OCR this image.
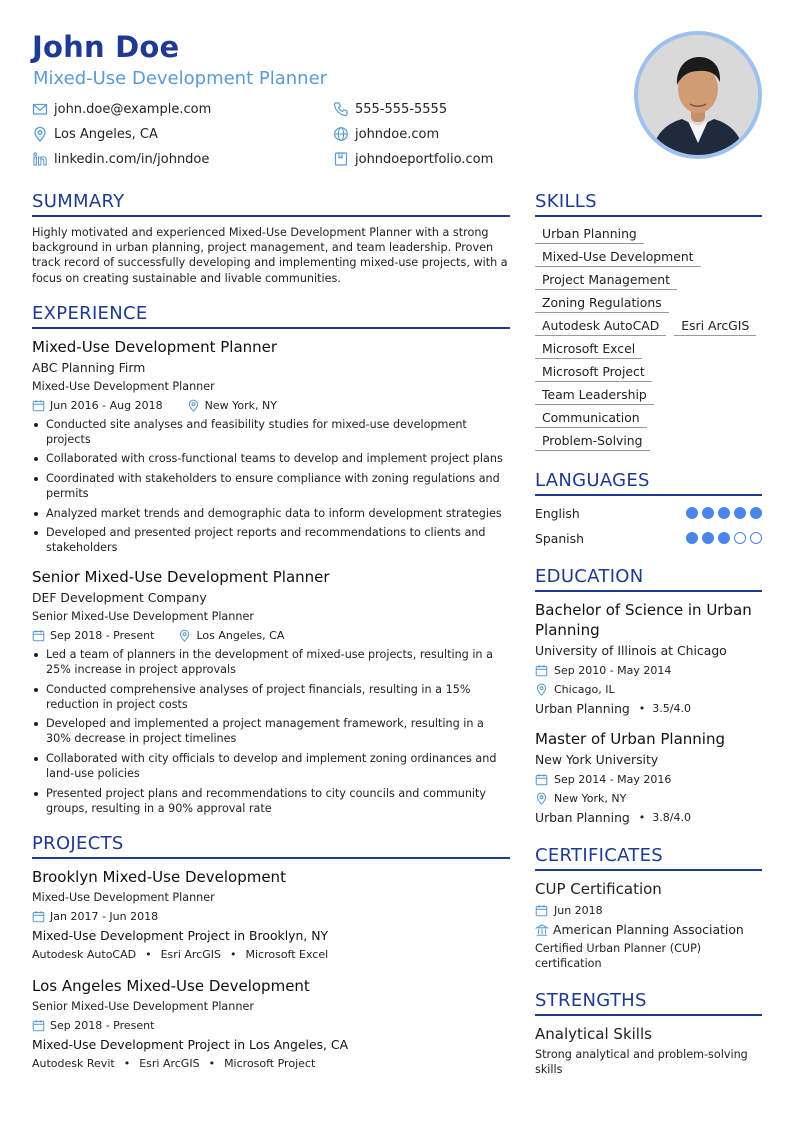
John Doe
Mixed-Use Development Planner
john.doe@example.com	555-555-5555
Los Angeles, CA	johndoe.com
linkedin.com/in/johndoe	johndoeportfolio.com
SUMMARY
Highly motivated and experienced Mixed-Use Development Planner with a strong background in urban planning, project management, and team leadership. Proven track record of successfully developing and implementing mixed-use projects, with a focus on creating sustainable and livable communities.
EXPERIENCE
Mixed-Use Development Planner
ABC Planning Firm
Mixed-Use Development Planner
Jun 2016 - Aug 2018	New York, NY
Conducted site analyses and feasibility studies for mixed-use development projects
Collaborated with cross-functional teams to develop and implement project plans
Coordinated with stakeholders to ensure compliance with zoning regulations and permits
Analyzed market trends and demographic data to inform development strategies
Developed and presented project reports and recommendations to clients and stakeholders
Senior Mixed-Use Development Planner
DEF Development Company
Senior Mixed-Use Development Planner
Sep 2018 - Present	Los Angeles, CA
Led a team of planners in the development of mixed-use projects, resulting in a 25% increase in project approvals
Conducted comprehensive analyses of project financials, resulting in a 15% reduction in project costs
Developed and implemented a project management framework, resulting in a 30% decrease in project timelines
Collaborated with city officials to develop and implement zoning ordinances and land-use policies
Presented project plans and recommendations to city councils and community groups, resulting in a 90% approval rate
PROJECTS
Brooklyn Mixed-Use Development
Mixed-Use Development Planner
Jan 2017 - Jun 2018
Mixed-Use Development Project in Brooklyn, NY
Autodesk AutoCAD • Esri ArcGIS • Microsoft Excel
Los Angeles Mixed-Use Development
Senior Mixed-Use Development Planner
Sep 2018 - Present
Mixed-Use Development Project in Los Angeles, CA
Autodesk Revit • Esri ArcGIS • Microsoft Project
SKILLS
Urban Planning
Mixed-Use Development
Project Management
Zoning Regulations
Autodesk AutoCAD	Esri ArcGIS
Microsoft Excel
Microsoft Project
Team Leadership
Communication
Problem-Solving
LANGUAGES
English
Spanish
EDUCATION
Bachelor of Science in Urban Planning
University of Illinois at Chicago
Sep 2010 - May 2014
Chicago, IL
Urban Planning • 3.5/4.0
Master of Urban Planning
New York University
Sep 2014 - May 2016
New York, NY
Urban Planning • 3.8/4.0
CERTIFICATES
CUP Certification
Jun 2018
American Planning Association
Certified Urban Planner (CUP) certification
STRENGTHS
Analytical Skills
Strong analytical and problem-solving skills
